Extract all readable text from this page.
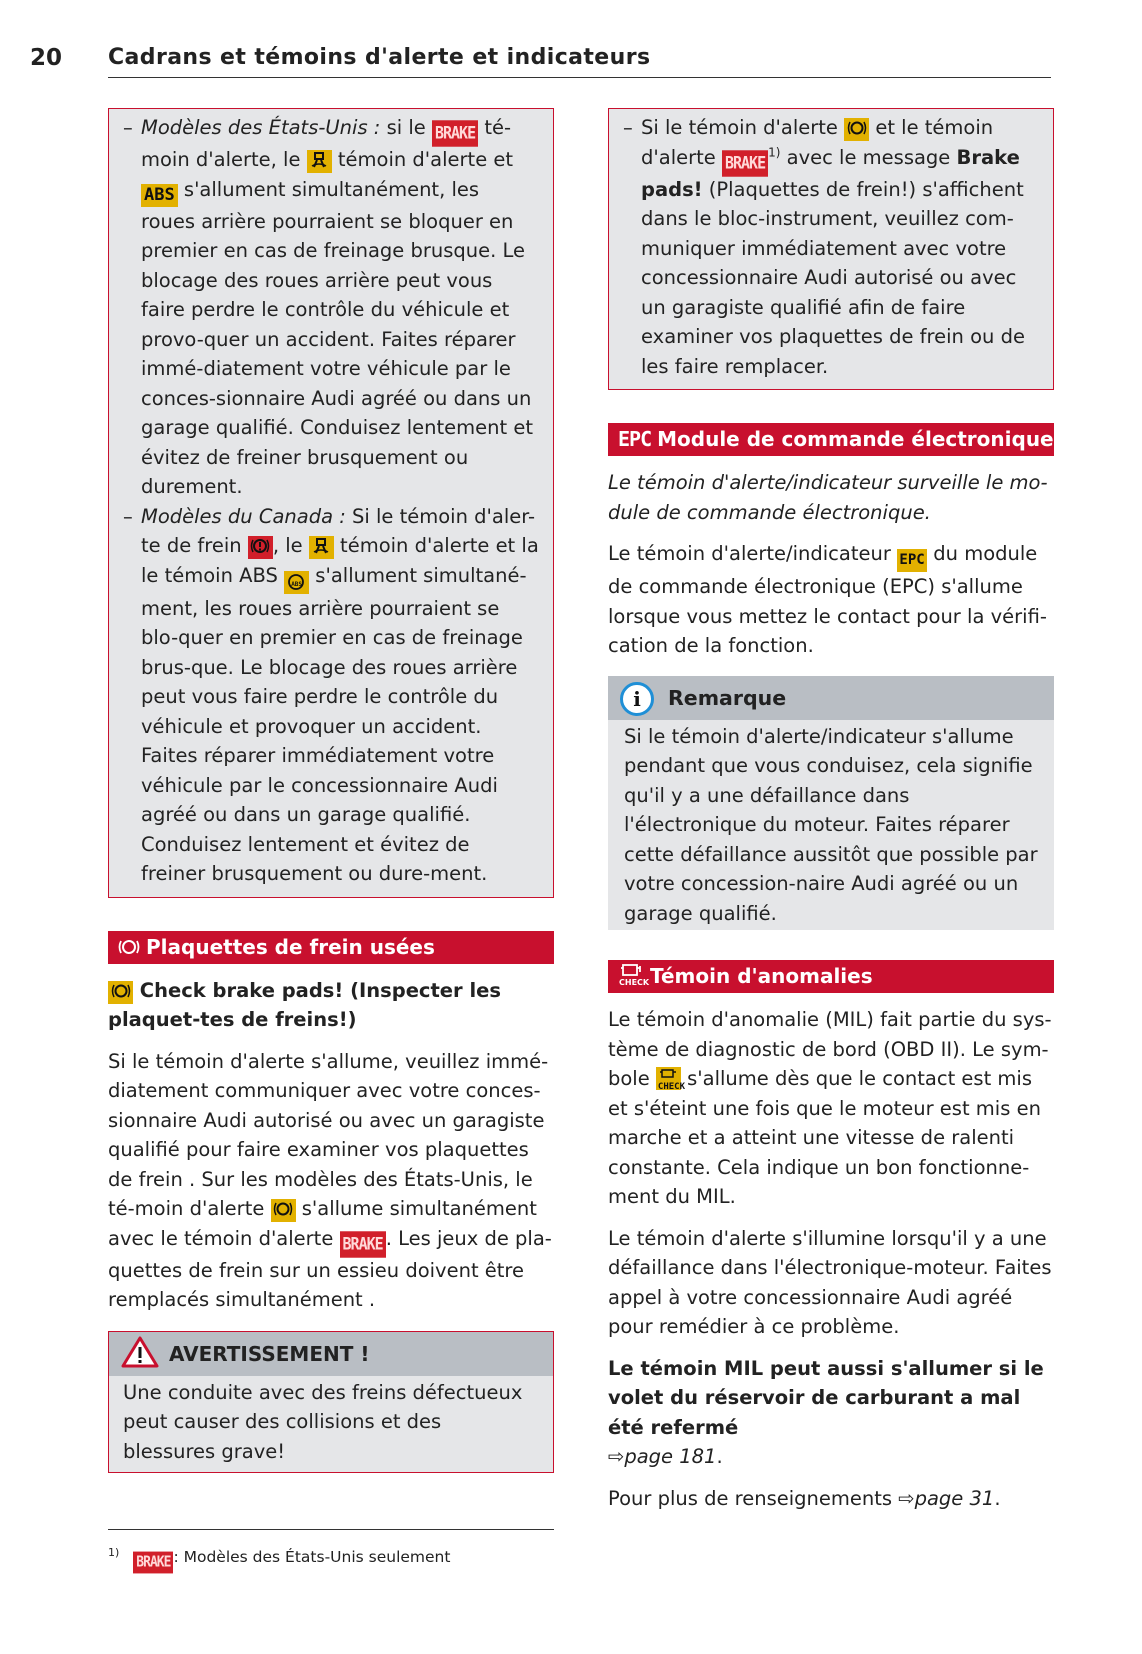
20 Cadrans et témoins d'alerte et indicateurs

– Modèles des États-Unis : si le BRAKE té-moin d'alerte, le  témoin d'alerte et ABS s'allument simultanément, les roues arrière pourraient se bloquer en premier en cas de freinage brusque. Le blocage des roues arrière peut vous faire perdre le contrôle du véhicule et provo-quer un accident. Faites réparer immé-diatement votre véhicule par le conces-sionnaire Audi agréé ou dans un garage qualifié. Conduisez lentement et évitez de freiner brusquement ou durement.

– Modèles du Canada : Si le témoin d'aler-te de frein , le  témoin d'alerte et la le témoin ABS
ABS s'allument simultané-ment, les roues arrière pourraient se blo-quer en premier en cas de freinage brus-que. Le blocage des roues arrière peut vous faire perdre le contrôle du véhicule et provoquer un accident. Faites réparer immédiatement votre véhicule par le concessionnaire Audi agréé ou dans un garage qualifié. Conduisez lentement et évitez de freiner brusquement ou dure-ment.

Plaquettes de frein usées

Check brake pads! (Inspecter les plaquet-tes de freins!)

Si le témoin d'alerte s'allume, veuillez immé-diatement communiquer avec votre conces-sionnaire Audi autorisé ou avec un garagiste qualifié pour faire examiner vos plaquettes de frein . Sur les modèles des États-Unis, le té-moin d'alerte  s'allume simultanément avec le témoin d'alerte BRAKE . Les jeux de pla-quettes de frein sur un essieu doivent être remplacés simultanément .

AVERTISSEMENT !

Une conduite avec des freins défectueux peut causer des collisions et des blessures grave!

– Si le témoin d'alerte  et le témoin d'alerte BRAKE$^{1)}$ avec le message Brake pads! (Plaquettes de frein!) s'affichent dans le bloc-instrument, veuillez com-muniquer immédiatement avec votre concessionnaire Audi autorisé ou avec un garagiste qualifié afin de faire examiner vos plaquettes de frein ou de les faire remplacer.

EPC Module de commande électronique

Le témoin d'alerte/indicateur surveille le mo-dule de commande électronique.

Le témoin d'alerte/indicateur EPC du module de commande électronique (EPC) s'allume lorsque vous mettez le contact pour la vérifi-cation de la fonction.

i Remarque

Si le témoin d'alerte/indicateur s'allume pendant que vous conduisez, cela signifie qu'il y a une défaillance dans l'électronique du moteur. Faites réparer cette défaillance aussitôt que possible par votre concession-naire Audi agréé ou un garage qualifié.

CHECK Témoin d'anomalies

Le témoin d'anomalie (MIL) fait partie du sys-tème de diagnostic de bord (OBD II). Le sym-bole
CHECK s'allume dès que le contact est mis et s'éteint une fois que le moteur est mis en marche et a atteint une vitesse de ralenti constante. Cela indique un bon fonctionne-ment du MIL.

Le témoin d'alerte s'illumine lorsqu'il y a une défaillance dans l'électronique-moteur. Faites appel à votre concessionnaire Audi agréé pour remédier à ce problème.

Le témoin MIL peut aussi s'allumer si le volet du réservoir de carburant a mal été refermé
⇨page 181.

Pour plus de renseignements ⇨page 31.

$^{1)}$BRAKE : Modèles des États-Unis seulement
